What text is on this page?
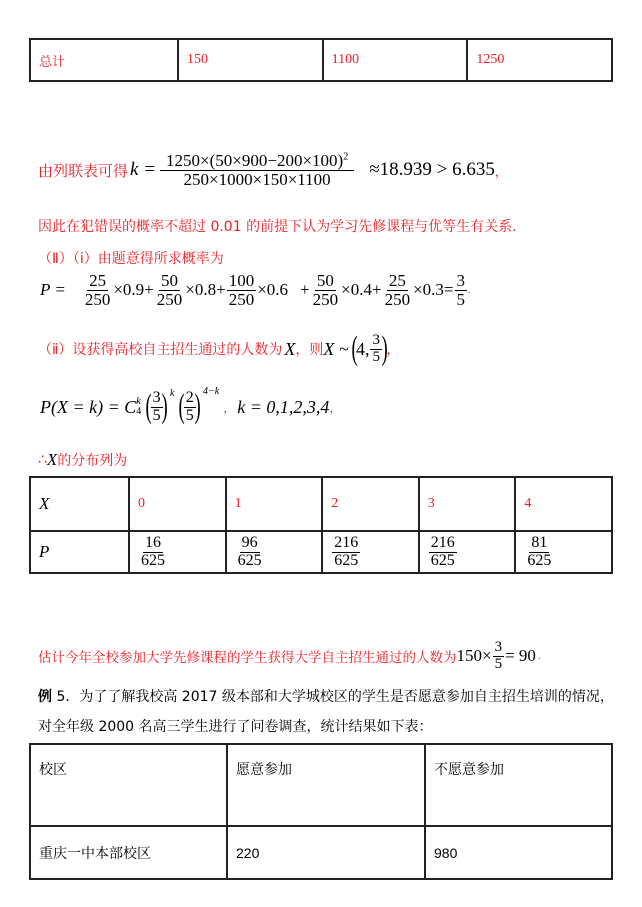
总计	150	1100	1250
由列联表可得 $k = \frac{1250\times(50\times 900-200\times 100)^2}{250\times 1000\times 150\times 1100} \approx 18.939 > 6.635$ ，
因此在犯错误的概率不超过 0.01 的前提下认为学习先修课程与优等生有关系.
（Ⅱ）（ⅰ）由题意得所求概率为
$P = \frac{25}{250} \times 0.9 + \frac{50}{250} \times 0.8 + \frac{100}{250} \times 0.6 + \frac{50}{250} \times 0.4 + \frac{25}{250} \times 0.3 = \frac{3}{5}$ .
（ⅱ）设获得高校自主招生通过的人数为 X ，则 X ~ (
4, $\frac{3}{5}$ )
，
P(X = k) = C k
4 (
$\frac{3}{5}$
) k (
$\frac{2}{5}$
) 4−k
， k = 0,1,2,3,4 ，
∴ X 的分布列为
X	0	1	2	3	4
P	$\frac{16}{625}$	$\frac{96}{625}$	$\frac{216}{625}$	$\frac{216}{625}$	$\frac{81}{625}$
估计今年全校参加大学先修课程的学生获得大学自主招生通过的人数为 $150\times \frac{3}{5} = 90$ .
例 5．为了了解我校高 2017 级本部和大学城校区的学生是否愿意参加自主招生培训的情况，
对全年级 2000 名高三学生进行了问卷调查，统计结果如下表：
校区	愿意参加	不愿意参加
重庆一中本部校区	220	980
